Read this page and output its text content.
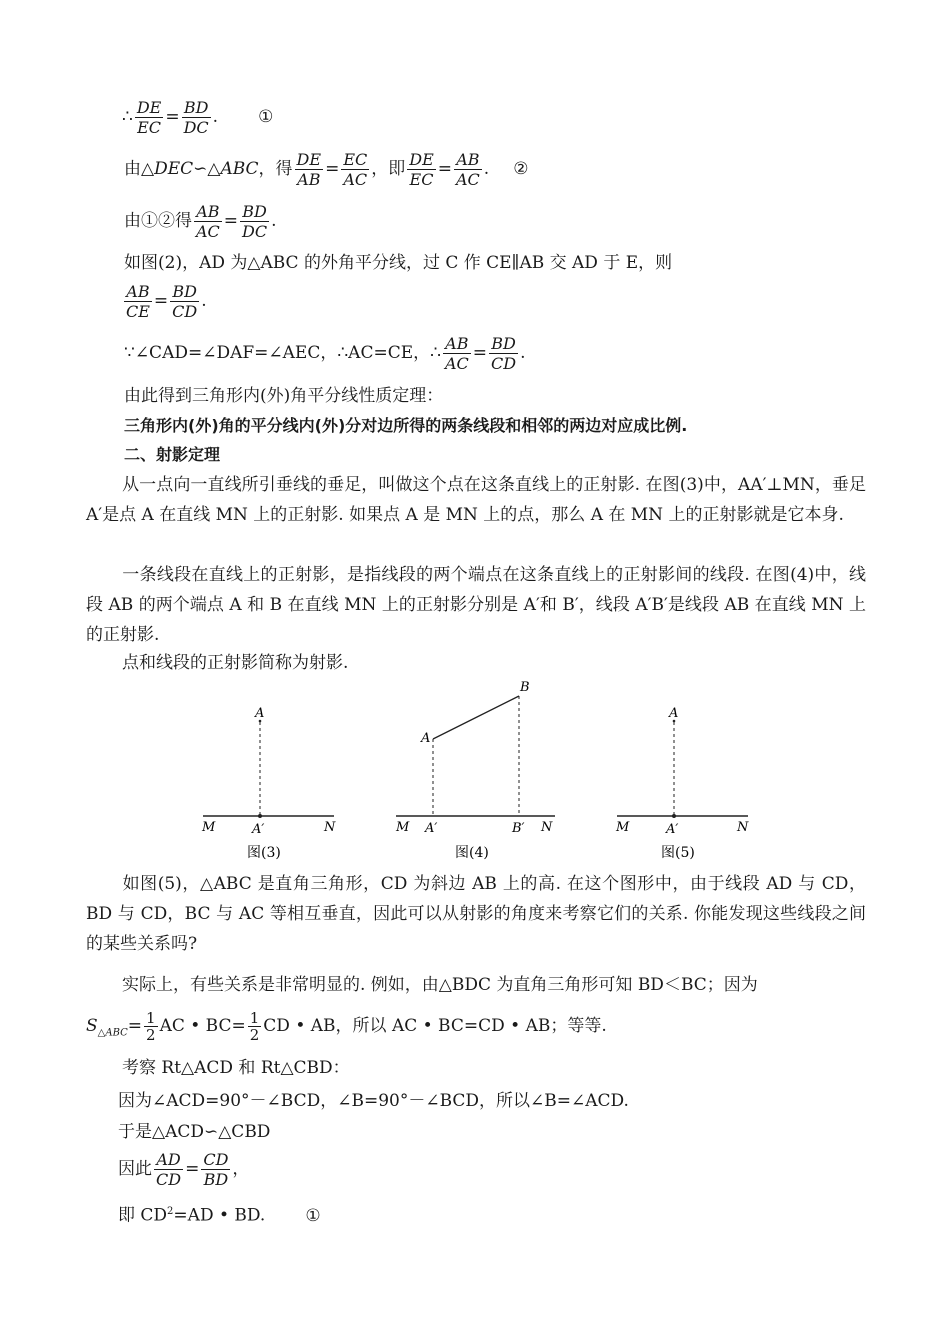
∴ $\frac{DE}{EC} = \frac{BD}{DC}$ . ①
由△DEC∽△ABC，得 $\frac{DE}{AB} = \frac{EC}{AC}$ ，即 $\frac{DE}{EC} = \frac{AB}{AC}$ . ②
由①②得 $\frac{AB}{AC} = \frac{BD}{DC}$ .
如图(2)，AD 为△ABC 的外角平分线，过 C 作 CE∥AB 交 AD 于 E，则
$\frac{AB}{CE} = \frac{BD}{CD}$ .
∵∠CAD=∠DAF=∠AEC，∴AC=CE，∴ $\frac{AB}{AC} = \frac{BD}{CD}$ .
由此得到三角形内(外)角平分线性质定理：
三角形内(外)角的平分线内(外)分对边所得的两条线段和相邻的两边对应成比例.
二、射影定理
从一点向一直线所引垂线的垂足，叫做这个点在这条直线上的正射影. 在图(3)中，AA′⊥MN，垂足 A′是点 A 在直线 MN 上的正射影. 如果点 A 是 MN 上的点，那么 A 在 MN 上的正射影就是它本身.
一条线段在直线上的正射影，是指线段的两个端点在这条直线上的正射影间的线段. 在图(4)中，线段 AB 的两个端点 A 和 B 在直线 MN 上的正射影分别是 A′和 B′，线段 A′B′是线段 AB 在直线 MN 上的正射影.
点和线段的正射影简称为射影.
A
A′
M	N
图(3)
A
B
M A′	B′ N
图(4)
A
A′
M	N
图(5)
如图(5)，△ABC 是直角三角形，CD 为斜边 AB 上的高. 在这个图形中，由于线段 AD 与 CD，BD 与 CD，BC 与 AC 等相互垂直，因此可以从射影的角度来考察它们的关系. 你能发现这些线段之间的某些关系吗?
实际上，有些关系是非常明显的. 例如，由△BDC 为直角三角形可知 BD＜BC；因为
$S_{\triangle ABC}= \frac{1}{2}$ AC • $BC= \frac{1}{2}$ CD • AB，所以 AC • BC=CD • AB；等等.
考察 Rt△ACD 和 Rt△CBD：
因为∠ACD=90°－∠BCD，∠B=90°－∠BCD，所以∠B=∠ACD.
于是△ACD∽△CBD
因此 $\frac{AD}{CD} = \frac{CD}{BD}$ ，
即 $CD^2=AD$ • BD. ①
